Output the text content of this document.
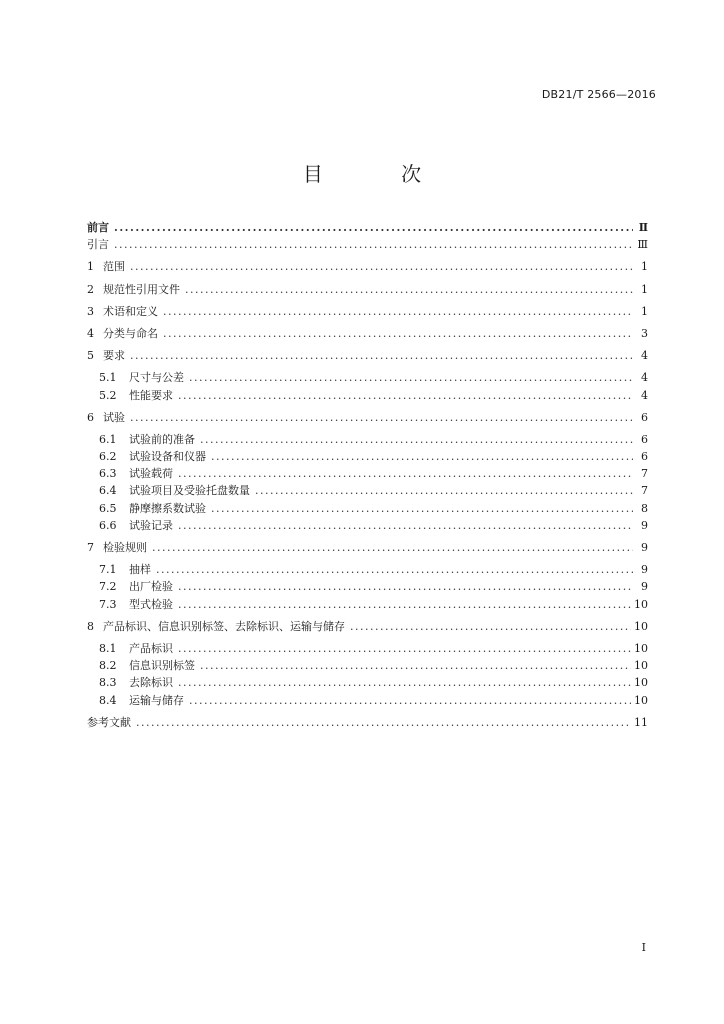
DB21/T 2566—2016
目 次
前言 .....	Ⅱ
引言 .....	Ⅲ
1 范围 .....	1
2 规范性引用文件 .....	1
3 术语和定义 .....	1
4 分类与命名 .....	3
5 要求 .....	4
5.1	尺寸与公差 .....	4
5.2	性能要求 .....	4
6 试验 .....	6
6.1	试验前的准备 .....	6
6.2	试验设备和仪器 .....	6
6.3	试验载荷 .....	7
6.4	试验项目及受验托盘数量 .....	7
6.5	静摩擦系数试验 .....	8
6.6	试验记录 .....	9
7 检验规则 .....	9
7.1	抽样 .....	9
7.2	出厂检验 .....	9
7.3	型式检验 .....	10
8 产品标识、信息识别标签、去除标识、运输与储存 .....	10
8.1	产品标识 .....	10
8.2	信息识别标签 .....	10
8.3	去除标识 .....	10
8.4	运输与储存 .....	10
参考文献 .....	11
I
